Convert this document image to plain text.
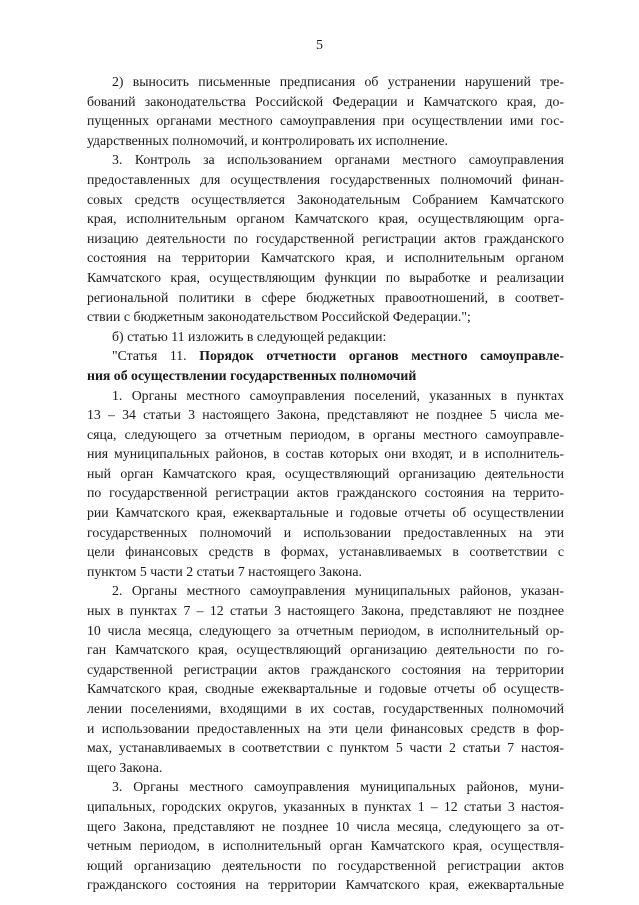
5
2) выносить письменные предписания об устранении нарушений тре-
бований законодательства Российской Федерации и Камчатского края, до-
пущенных органами местного самоуправления при осуществлении ими гос-
ударственных полномочий, и контролировать их исполнение.
3. Контроль за использованием органами местного самоуправления
предоставленных для осуществления государственных полномочий финан-
совых средств осуществляется Законодательным Собранием Камчатского
края, исполнительным органом Камчатского края, осуществляющим орга-
низацию деятельности по государственной регистрации актов гражданского
состояния на территории Камчатского края, и исполнительным органом
Камчатского края, осуществляющим функции по выработке и реализации
региональной политики в сфере бюджетных правоотношений, в соответ-
ствии с бюджетным законодательством Российской Федерации.";
б) статью 11 изложить в следующей редакции:
"Статья 11. Порядок отчетности органов местного самоуправле-
ния об осуществлении государственных полномочий
1. Органы местного самоуправления поселений, указанных в пунктах
13 – 34 статьи 3 настоящего Закона, представляют не позднее 5 числа ме-
сяца, следующего за отчетным периодом, в органы местного самоуправле-
ния муниципальных районов, в состав которых они входят, и в исполнитель-
ный орган Камчатского края, осуществляющий организацию деятельности
по государственной регистрации актов гражданского состояния на террито-
рии Камчатского края, ежеквартальные и годовые отчеты об осуществлении
государственных полномочий и использовании предоставленных на эти
цели финансовых средств в формах, устанавливаемых в соответствии с
пунктом 5 части 2 статьи 7 настоящего Закона.
2. Органы местного самоуправления муниципальных районов, указан-
ных в пунктах 7 – 12 статьи 3 настоящего Закона, представляют не позднее
10 числа месяца, следующего за отчетным периодом, в исполнительный ор-
ган Камчатского края, осуществляющий организацию деятельности по го-
сударственной регистрации актов гражданского состояния на территории
Камчатского края, сводные ежеквартальные и годовые отчеты об осуществ-
лении поселениями, входящими в их состав, государственных полномочий
и использовании предоставленных на эти цели финансовых средств в фор-
мах, устанавливаемых в соответствии с пунктом 5 части 2 статьи 7 настоя-
щего Закона.
3. Органы местного самоуправления муниципальных районов, муни-
ципальных, городских округов, указанных в пунктах 1 – 12 статьи 3 настоя-
щего Закона, представляют не позднее 10 числа месяца, следующего за от-
четным периодом, в исполнительный орган Камчатского края, осуществля-
ющий организацию деятельности по государственной регистрации актов
гражданского состояния на территории Камчатского края, ежеквартальные
